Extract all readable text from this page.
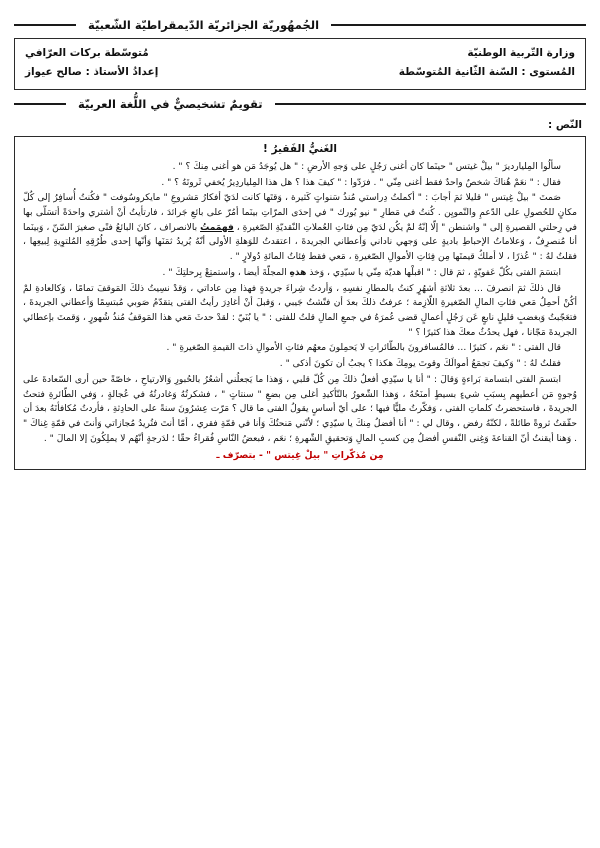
الجُمهُوريّة الجزائريّة الدّيمقراطيّة الشّعبيّة
وزارة التّربية الوطنيّة
مُتوسّطة بركات العرّافي
المُستوى : السّنة الثّانية المُتوسّطة
إعدادُ الأستاذ : صالح عيواز
تقويمٌ تشخيصيٌّ في اللُّغة العربيّة
النّص :
الغَنيُّ الفَقيرُ !

سألُوا المِليارديرَ " بيلْ غيتس " حينَما كان أغنى رَجُلٍ على وَجهِ الأرضِ : " هل يُوجَدُ مَن هو أغنى مِنكَ ؟ " .

فقال : " نعَمْ هُناكَ شخصٌ واحدٌ فقط أغنى مِنّي " . فرَدّوا : " كيفَ هذا ؟ هل هذا المِلياردِيرُ يُخفي ثَروتَهُ ؟ " .

صَمتَ " بيلْ غِيتس " قليلا ثمَ أجابَ : " أكملتُ دِراستي مُنذُ سَنواتٍ كَثيرة ، وَقتَها كانت لدَيّ أفكارُ مَشروعِ " مايكروسُوفت " فكُنتُ أُسافِرُ إلى كُلّ مكانٍ للحُصولِ على الدّعمِ والتّمويِن . كُنتُ في مَطارِ " نيو يُورك " في إحدَى المرّاتِ بينَما أمُرّ على بائعِ جَرائدَ ، فارتأيتُ أنْ أشتري واحدَةً أتسَلّى بها في رِحلتي القصيرةِ إلى " واشنطن " إلّا إنّهُ لمْ يكُن لدَيّ مِن فئاتِ العُملاتِ النّقديّةِ الصّغيرةِ ، فهمَمتُ بالانصراف ، كانَ البائعُ فتًى صغيرَ السّنّ ، وَبينَما أنا مُنصرِفٌ ، وَعلاماتُ الإحباطِ باديةٍ على وَجهي ناداني وَأعطاني الجريدةَ ، اعتقدتُ للوَهلةِ الأولى أنّهُ يُريدُ ثمَنَها وَأنّها إحدى طُرُقِهِ المُلتوِيةِ لِبيعِها ، فقلتُ لهُ : " عُذرًا ، لا أملكُ قيمتَها مِن فِئاتِ الأموالِ الصّغيرةِ ، مَعي فقط فِئاتُ المائةِ دُولارٍ " .

ابتسَمَ الفتى بكُلّ عَفويّةٍ ، ثمَ قال : " اقبلْها هديّة مِنّي يا سيّدِي ، وَخذ هذهِ المجلّةَ أيضا ، واستمتِعْ بِرحلتِكَ " .

قال ذلكَ ثمَ انصرفَ … بعدَ ثلاثةِ أشهُرٍ كنتُ بالمطارِ نفسِهِ ، وَأردتُ شِراءَ جريدةٍ فهذا مِن عاداتي ، وَقدْ نسِيتُ ذلكَ المَوقفَ تمامًا ، وَكالعادةِ لمْ أكُنْ أحمِلُ مَعي فئاتِ المالِ الصّغيرةِ اللّازِمة ؛ عرفتُ ذلكَ بعدَ أن فتّشتُ جَيبي ، وَقبلَ أنْ أغادِرَ رأيتُ الفتى يتقدّمُ صَوبي مُبتسِمًا وَأعطاني الجريدةَ ، فتعَجّبتُ وَبغضبٍ قليلٍ نابعٍ عَن رَجُلٍ أعمالٍ قضى عُمرَهُ في جمعِ المالِ قلتُ للفتى : " يا بُنَيّ : لقدْ حدثَ مَعي هذا المَوقفُ مُنذُ شُهورٍ ، وَقمتَ بإعطائي الجريدةَ مَجّانا ، فهل يحدُثُ معكَ هذا كثيرًا ؟ "

قال الفتى : " نعَم ، كثيرًا … فالمُسافرونَ بالطّائراتِ لا يَحمِلونَ معهُم فئاتِ الأموالِ ذاتَ القيمةِ الصّغيرةِ " .

فقلتُ لهُ : " وَكيفَ تجمَعُ أموالَكَ وقوتَ يومِكَ هكذا ؟ يجبُ أن تكونَ أذكى " .

ابتسمَ الفتى ابتسامة بَراءةٍ وَقالَ : " أنا يا سيّدِي أفعلُ ذلكَ مِن كُلّ قلبي ، وَهذا ما يَجعلُني أشعُرُ بالحُبورِ وَالارتياحِ ، خاصّةً حين أرى السّعادةَ على وُجوهٍ مَن أعطيهِم بِسبَبِ شيءٍ بسيطٍ أمنَحُهُ ، وَهذا الشّعورُ بالتّأكيدِ أغلى مِن بضعِ " سنتاتٍ " ، فشكرتُهُ وَغادرتُهُ في عُجالةٍ ، وَفي الطّائرةِ فتحتُ الجريدةَ ، فاستحضرتُ كلماتِ الفتى ، وَفكّرتُ مليًّا فيها ؛ على أيّ أساسٍ يقولُ الفتى ما قال ؟ مَرّت عِشرُونَ سنةً على الحادِثةِ ، فأردتُ مُكافأتَهُ بعدَ أن حقّقتُ ثروةً طائلةً ، لكنّهُ رفض ، وقال لي : " أنا أفضلُ مِنكَ يا سيّدِي ؛ لأنّني مَنحتُكَ وَأنا في قمّةِ فقري ، أمّا أنتَ فتُريدُ مُجازاتي وَأنتَ في قمّةِ غِناكَ " . وَهنا أيقنتُ أنّ القناعةَ وَغِنى النّفسِ أفضلُ مِن كسبِ المالِ وَتحقيقِ الشّهرةِ ؛ نعَم ، فبعضُ النّاسِ فُقراءُ حقّا ؛ لدَرجةٍ أنّهُم لا يملِكُونَ إلا المالَ " .

مِن مُذكّراتِ " بيلْ غِيتس " - بتصرّف ـ
